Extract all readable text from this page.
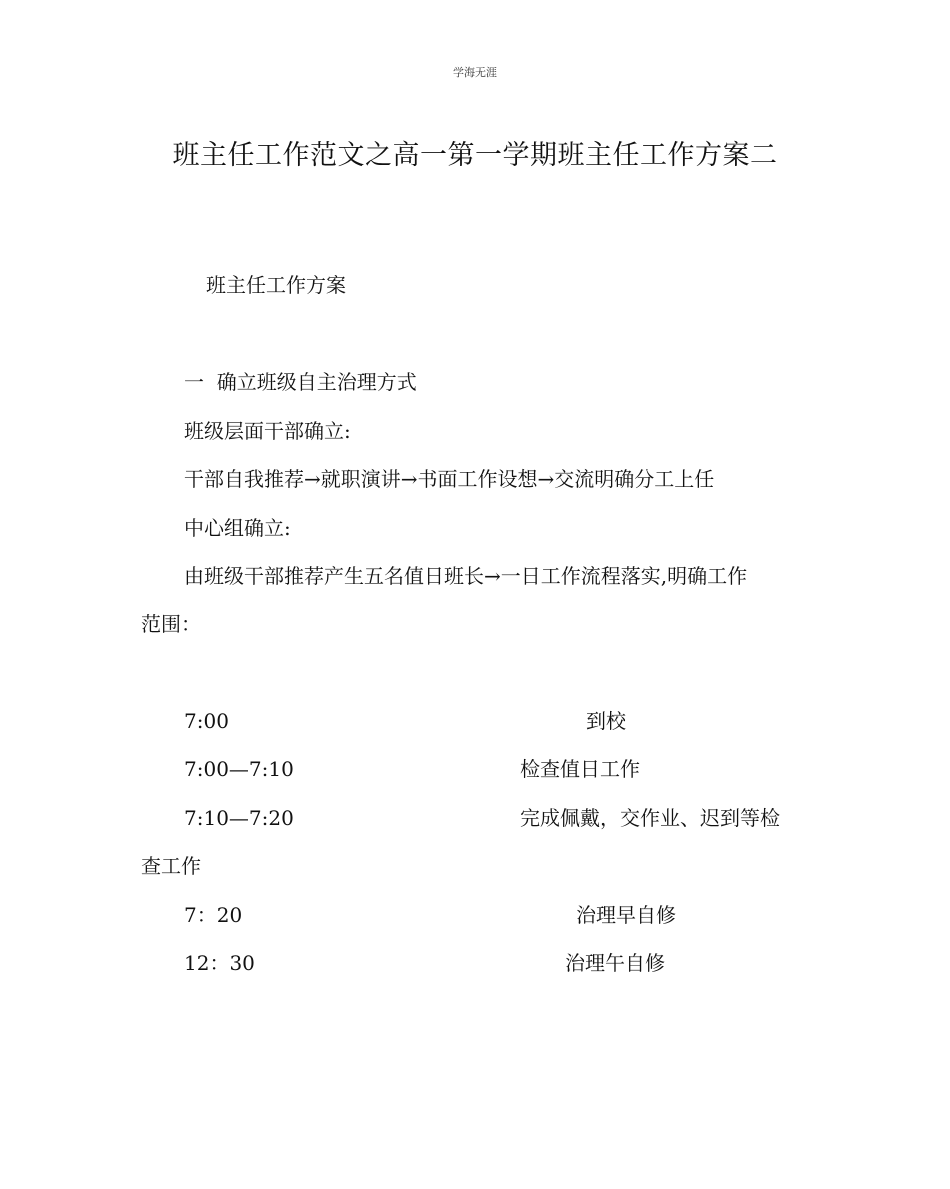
学海无涯
班主任工作范文之高一第一学期班主任工作方案二
班主任工作方案
一  确立班级自主治理方式
班级层面干部确立:
干部自我推荐→就职演讲→书面工作设想→交流明确分工上任
中心组确立:
由班级干部推荐产生五名值日班长→一日工作流程落实,明确工作
范围：
7:00	到校
7:00—7:10	检查值日工作
7:10—7:20	完成佩戴，交作业、迟到等检
查工作
7：20	治理早自修
12：30	治理午自修
